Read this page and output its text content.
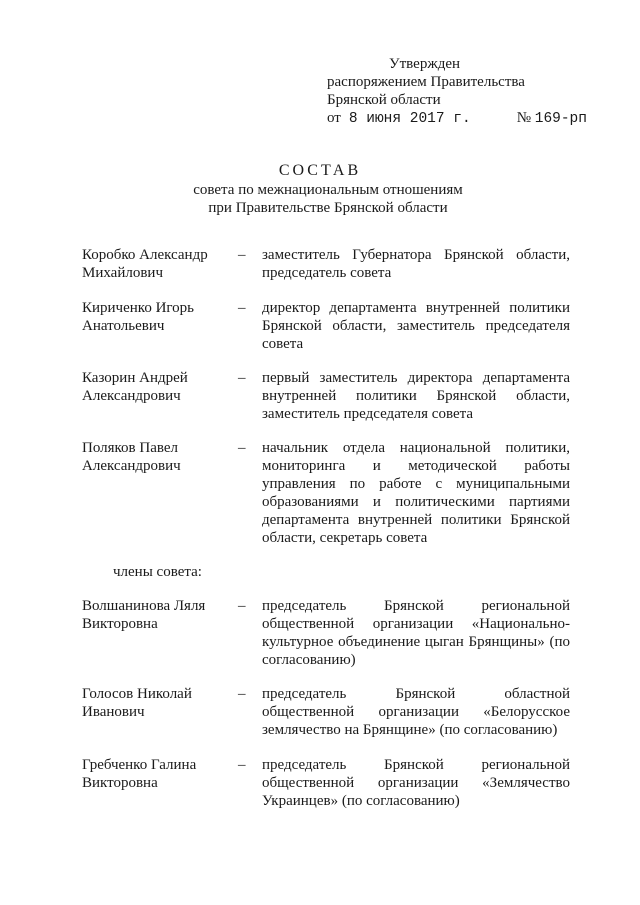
Утвержден
распоряжением Правительства
Брянской области
от 8 июня 2017 г.	№ 169-рп
СОСТАВ
совета по межнациональным отношениям
при Правительстве Брянской области
Коробко Александр Михайлович
– заместитель Губернатора Брянской области, председатель совета
Кириченко Игорь Анатольевич
– директор департамента внутренней политики Брянской области, заместитель председателя совета
Казорин Андрей Александрович
– первый заместитель директора департамента внутренней политики Брянской области, заместитель председателя совета
Поляков Павел Александрович
– начальник отдела национальной политики, мониторинга и методической работы управления по работе с муниципальными образованиями и политическими партиями департамента внутренней политики Брянской области, секретарь совета
члены совета:
Волшанинова Ляля Викторовна
– председатель Брянской региональной общественной организации «Национально-культурное объединение цыган Брянщины» (по согласованию)
Голосов Николай Иванович
– председатель Брянской областной общественной организации «Белорусское землячество на Брянщине» (по согласованию)
Гребченко Галина Викторовна
– председатель Брянской региональной общественной организации «Землячество Украинцев» (по согласованию)
